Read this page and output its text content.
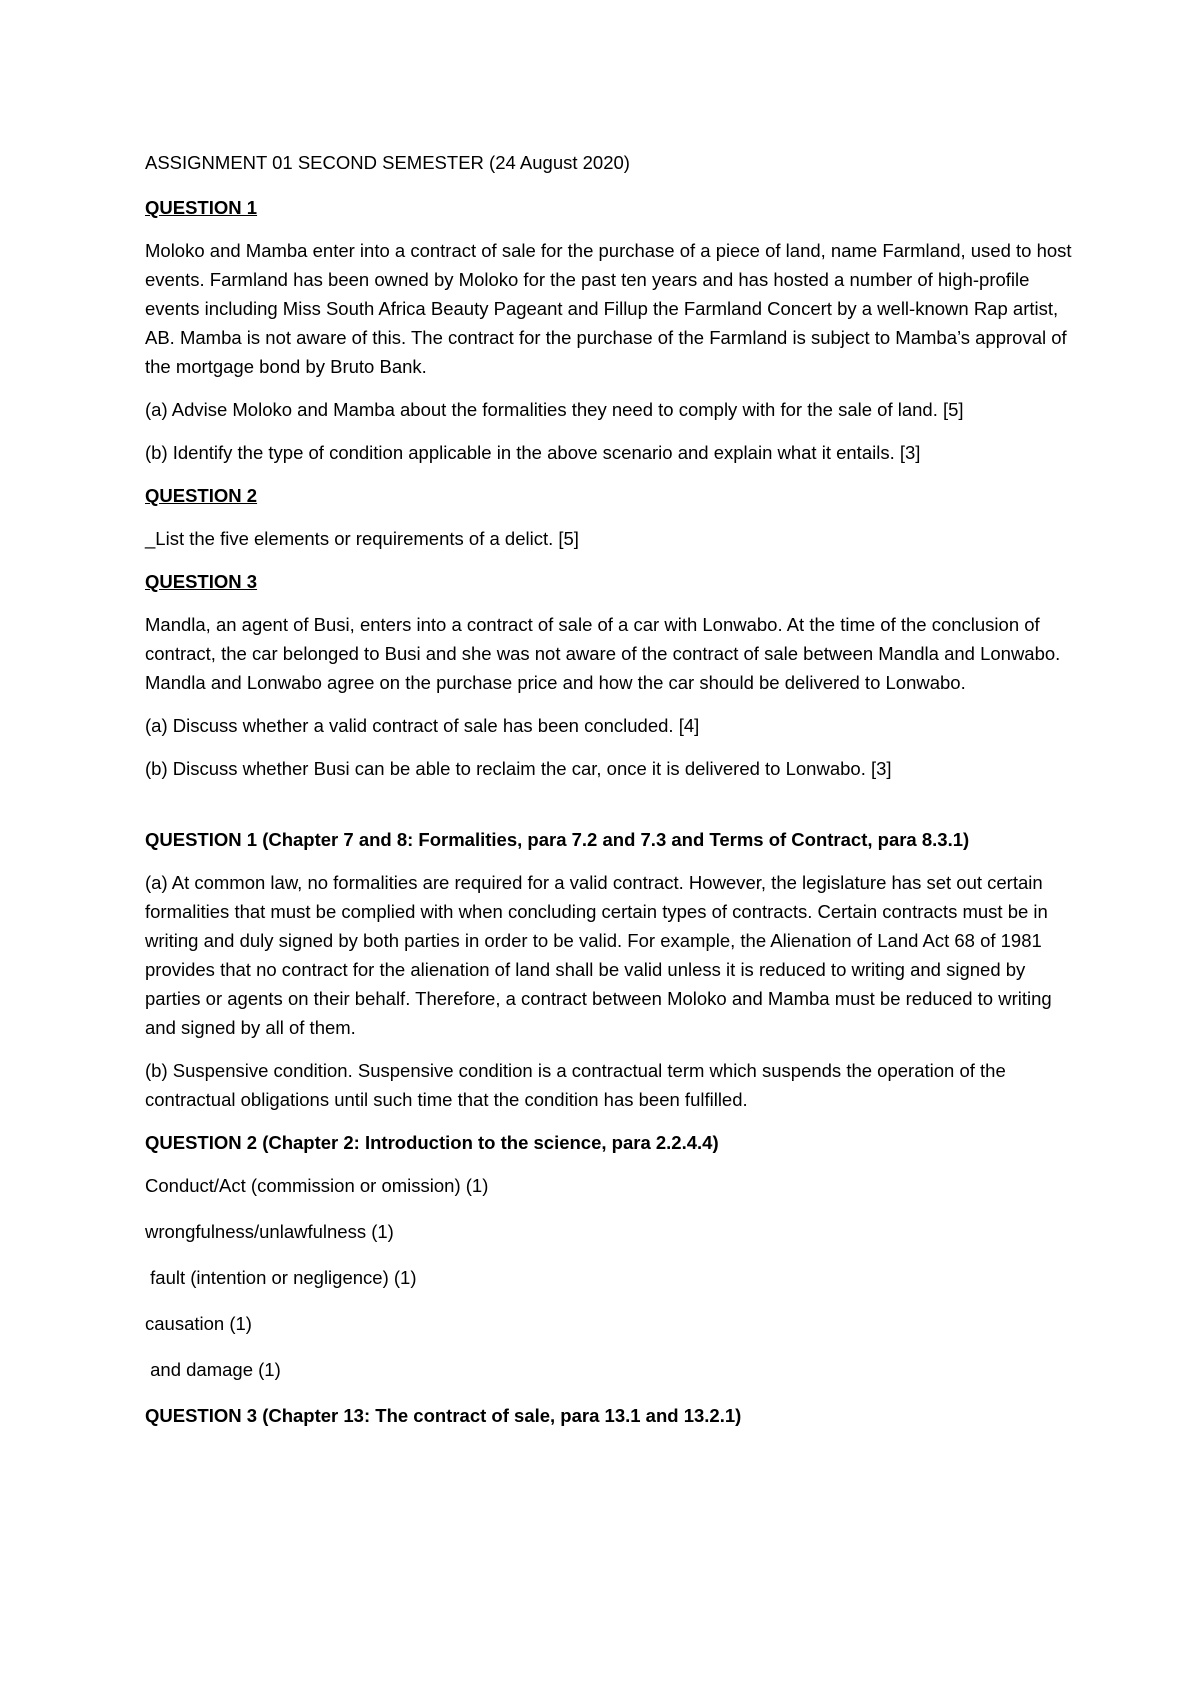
ASSIGNMENT 01 SECOND SEMESTER (24 August 2020)

QUESTION 1

Moloko and Mamba enter into a contract of sale for the purchase of a piece of land, name Farmland, used to host events. Farmland has been owned by Moloko for the past ten years and has hosted a number of high-profile events including Miss South Africa Beauty Pageant and Fillup the Farmland Concert by a well-known Rap artist, AB. Mamba is not aware of this. The contract for the purchase of the Farmland is subject to Mamba’s approval of the mortgage bond by Bruto Bank.

(a) Advise Moloko and Mamba about the formalities they need to comply with for the sale of land. [5]

(b) Identify the type of condition applicable in the above scenario and explain what it entails. [3]

QUESTION 2

_List the five elements or requirements of a delict. [5]

QUESTION 3

Mandla, an agent of Busi, enters into a contract of sale of a car with Lonwabo. At the time of the conclusion of contract, the car belonged to Busi and she was not aware of the contract of sale between Mandla and Lonwabo. Mandla and Lonwabo agree on the purchase price and how the car should be delivered to Lonwabo.

(a) Discuss whether a valid contract of sale has been concluded. [4]

(b) Discuss whether Busi can be able to reclaim the car, once it is delivered to Lonwabo. [3]

QUESTION 1 (Chapter 7 and 8: Formalities, para 7.2 and 7.3 and Terms of Contract, para 8.3.1)

(a) At common law, no formalities are required for a valid contract. However, the legislature has set out certain formalities that must be complied with when concluding certain types of contracts. Certain contracts must be in writing and duly signed by both parties in order to be valid. For example, the Alienation of Land Act 68 of 1981 provides that no contract for the alienation of land shall be valid unless it is reduced to writing and signed by parties or agents on their behalf. Therefore, a contract between Moloko and Mamba must be reduced to writing and signed by all of them.

(b) Suspensive condition. Suspensive condition is a contractual term which suspends the operation of the contractual obligations until such time that the condition has been fulfilled.

QUESTION 2 (Chapter 2: Introduction to the science, para 2.2.4.4)

Conduct/Act (commission or omission) (1)

wrongfulness/unlawfulness (1)

fault (intention or negligence) (1)

causation (1)

and damage (1)

QUESTION 3 (Chapter 13: The contract of sale, para 13.1 and 13.2.1)
